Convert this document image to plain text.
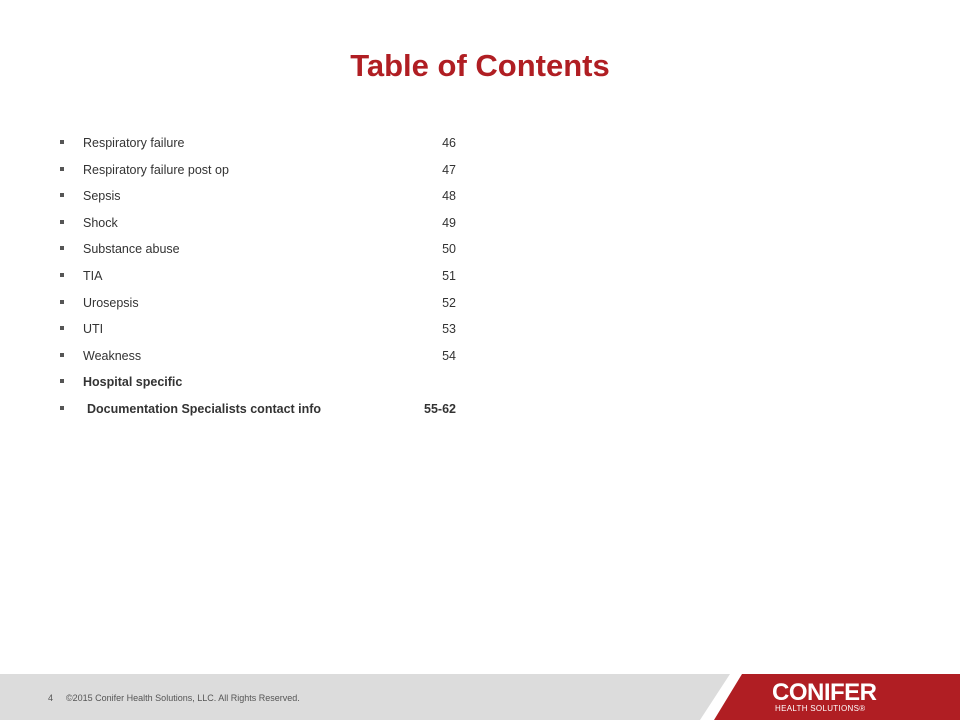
Table of Contents
Respiratory failure	46
Respiratory failure post op	47
Sepsis	48
Shock	49
Substance abuse	50
TIA	51
Urosepsis	52
UTI	53
Weakness	54
Hospital specific
Documentation Specialists contact info	55-62
4 ©2015 Conifer Health Solutions, LLC. All Rights Reserved.	CONIFER
HEALTH SOLUTIONS®
